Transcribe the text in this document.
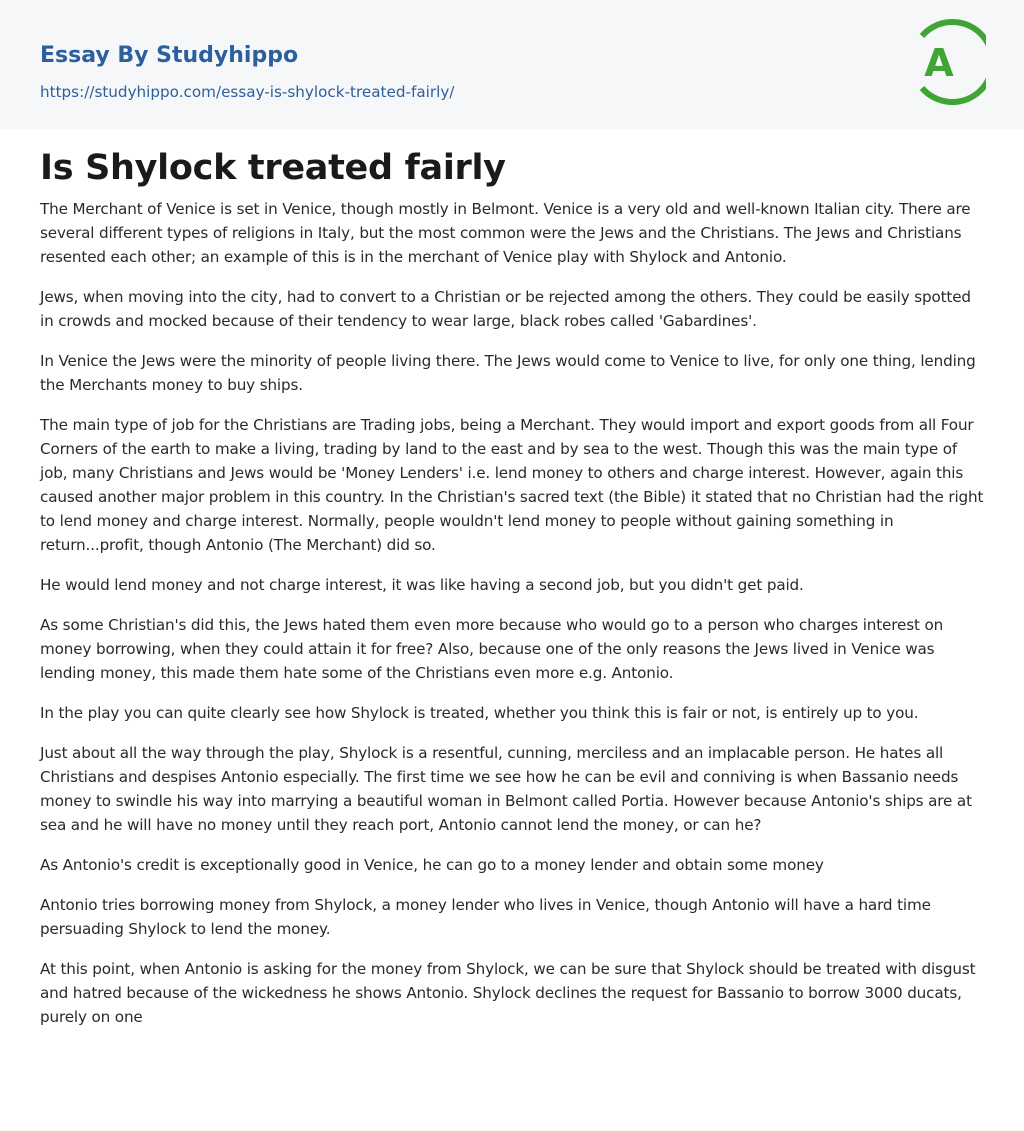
Essay By Studyhippo
https://studyhippo.com/essay-is-shylock-treated-fairly/
A
Is Shylock treated fairly

The Merchant of Venice is set in Venice, though mostly in Belmont. Venice is a very old and well-known Italian city. There are several different types of religions in Italy, but the most common were the Jews and the Christians. The Jews and Christians resented each other; an example of this is in the merchant of Venice play with Shylock and Antonio.

Jews, when moving into the city, had to convert to a Christian or be rejected among the others. They could be easily spotted in crowds and mocked because of their tendency to wear large, black robes called 'Gabardines'.

In Venice the Jews were the minority of people living there. The Jews would come to Venice to live, for only one thing, lending the Merchants money to buy ships.

The main type of job for the Christians are Trading jobs, being a Merchant. They would import and export goods from all Four Corners of the earth to make a living, trading by land to the east and by sea to the west. Though this was the main type of job, many Christians and Jews would be 'Money Lenders' i.e. lend money to others and charge interest. However, again this caused another major problem in this country. In the Christian's sacred text (the Bible) it stated that no Christian had the right to lend money and charge interest. Normally, people wouldn't lend money to people without gaining something in return...profit, though Antonio (The Merchant) did so.

He would lend money and not charge interest, it was like having a second job, but you didn't get paid.

As some Christian's did this, the Jews hated them even more because who would go to a person who charges interest on money borrowing, when they could attain it for free? Also, because one of the only reasons the Jews lived in Venice was lending money, this made them hate some of the Christians even more e.g. Antonio.

In the play you can quite clearly see how Shylock is treated, whether you think this is fair or not, is entirely up to you.

Just about all the way through the play, Shylock is a resentful, cunning, merciless and an implacable person. He hates all Christians and despises Antonio especially. The first time we see how he can be evil and conniving is when Bassanio needs money to swindle his way into marrying a beautiful woman in Belmont called Portia. However because Antonio's ships are at sea and he will have no money until they reach port, Antonio cannot lend the money, or can he?

As Antonio's credit is exceptionally good in Venice, he can go to a money lender and obtain some money

Antonio tries borrowing money from Shylock, a money lender who lives in Venice, though Antonio will have a hard time persuading Shylock to lend the money.

At this point, when Antonio is asking for the money from Shylock, we can be sure that Shylock should be treated with disgust and hatred because of the wickedness he shows Antonio. Shylock declines the request for Bassanio to borrow 3000 ducats, purely on one
